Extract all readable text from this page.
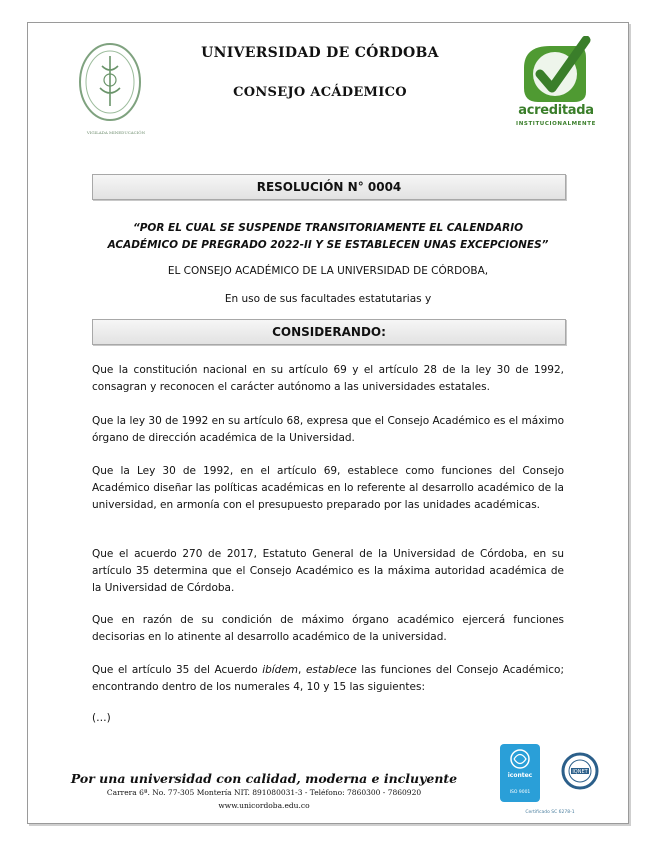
VIGILADA MINEDUCACIÓN
UNIVERSIDAD DE CÓRDOBA
CONSEJO ACÁDEMICO
acreditada
INSTITUCIONALMENTE
RESOLUCIÓN N° 0004
“POR EL CUAL SE SUSPENDE TRANSITORIAMENTE EL CALENDARIO ACADÉMICO DE PREGRADO 2022-II Y SE ESTABLECEN UNAS EXCEPCIONES”
EL CONSEJO ACADÉMICO DE LA UNIVERSIDAD DE CÓRDOBA,
En uso de sus facultades estatutarias y
CONSIDERANDO:

Que la constitución nacional en su artículo 69 y el artículo 28 de la ley 30 de 1992, consagran y reconocen el carácter autónomo a las universidades estatales.

Que la ley 30 de 1992 en su artículo 68, expresa que el Consejo Académico es el máximo órgano de dirección académica de la Universidad.

Que la Ley 30 de 1992, en el artículo 69, establece como funciones del Consejo Académico diseñar las políticas académicas en lo referente al desarrollo académico de la universidad, en armonía con el presupuesto preparado por las unidades académicas.

Que el acuerdo 270 de 2017, Estatuto General de la Universidad de Córdoba, en su artículo 35 determina que el Consejo Académico es la máxima autoridad académica de la Universidad de Córdoba.

Que en razón de su condición de máximo órgano académico ejercerá funciones decisorias en lo atinente al desarrollo académico de la universidad.

Que el artículo 35 del Acuerdo ibídem, establece las funciones del Consejo Académico; encontrando dentro de los numerales 4, 10 y 15 las siguientes:

(…)
Por una universidad con calidad, moderna e incluyente
Carrera 6ª. No. 77-305 Montería NIT. 891080031-3 - Teléfono: 7860300 - 7860920
www.unicordoba.edu.co
icontec
ISO 9001
IQNET
Certificado SC 6278-1
